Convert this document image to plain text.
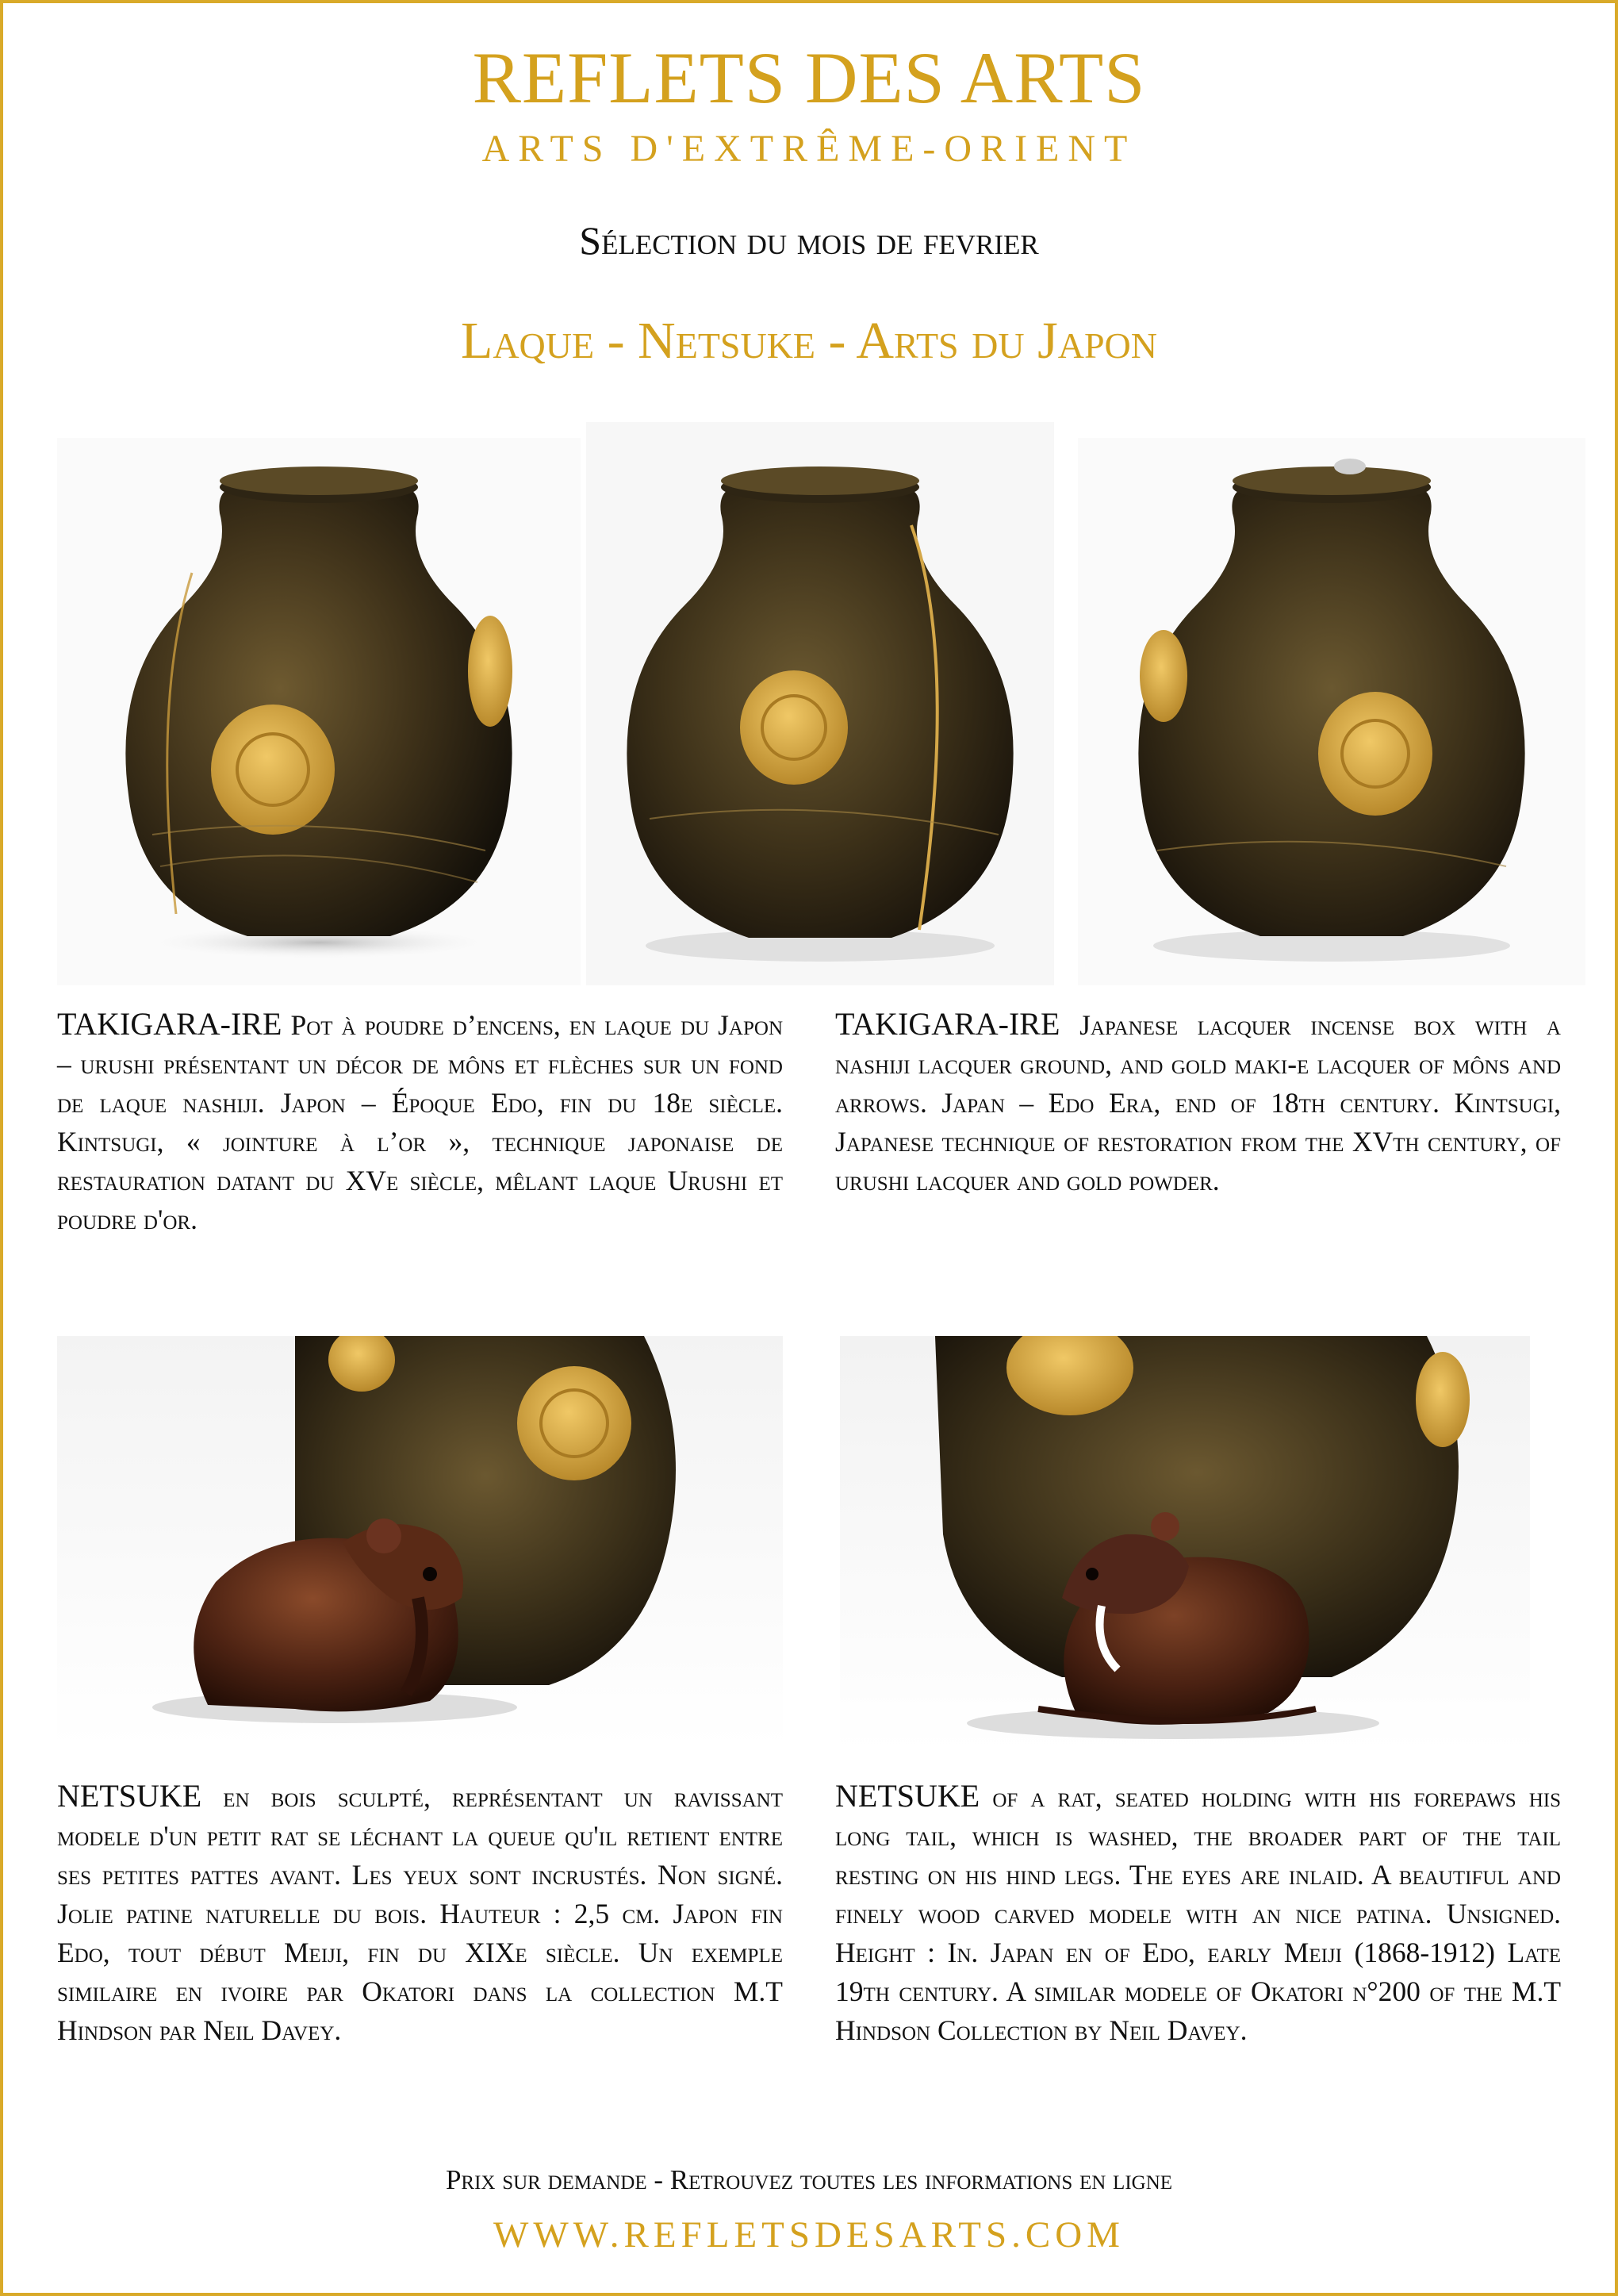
REFLETS DES ARTS
ARTS D'EXTRÊME-ORIENT
Sélection du mois de fevrier
Laque - Netsuke - Arts du Japon
TAKIGARA-IRE Pot à poudre d’encens, en laque du Japon – urushi présentant un décor de môns et flèches sur un fond de laque nashiji. Japon – Époque Edo, fin du 18e siècle. Kintsugi, « jointure à l’or », technique japonaise de restauration datant du XVe siècle, mêlant laque Urushi et poudre d'or.
TAKIGARA-IRE Japanese lacquer incense box with a nashiji lacquer ground, and gold maki-e lacquer of môns and arrows. Japan – Edo Era, end of 18th century. Kintsugi, Japanese technique of restoration from the XVth century, of urushi lacquer and gold powder.
NETSUKE en bois sculpté, représentant un ravissant modele d'un petit rat se léchant la queue qu'il retient entre ses petites pattes avant. Les yeux sont incrustés. Non signé. Jolie patine naturelle du bois. Hauteur : 2,5 cm. Japon fin Edo, tout début Meiji, fin du XIXe siècle. Un exemple similaire en ivoire par Okatori dans la collection M.T Hindson par Neil Davey.
NETSUKE of a rat, seated holding with his forepaws his long tail, which is washed, the broader part of the tail resting on his hind legs. The eyes are inlaid. A beautiful and finely wood carved modele with an nice patina. Unsigned. Height : In. Japan en of Edo, early Meiji (1868-1912) Late 19th century. A similar modele of Okatori n°200 of the M.T Hindson Collection by Neil Davey.
Prix sur demande - Retrouvez toutes les informations en ligne
WWW.REFLETSDESARTS.COM
